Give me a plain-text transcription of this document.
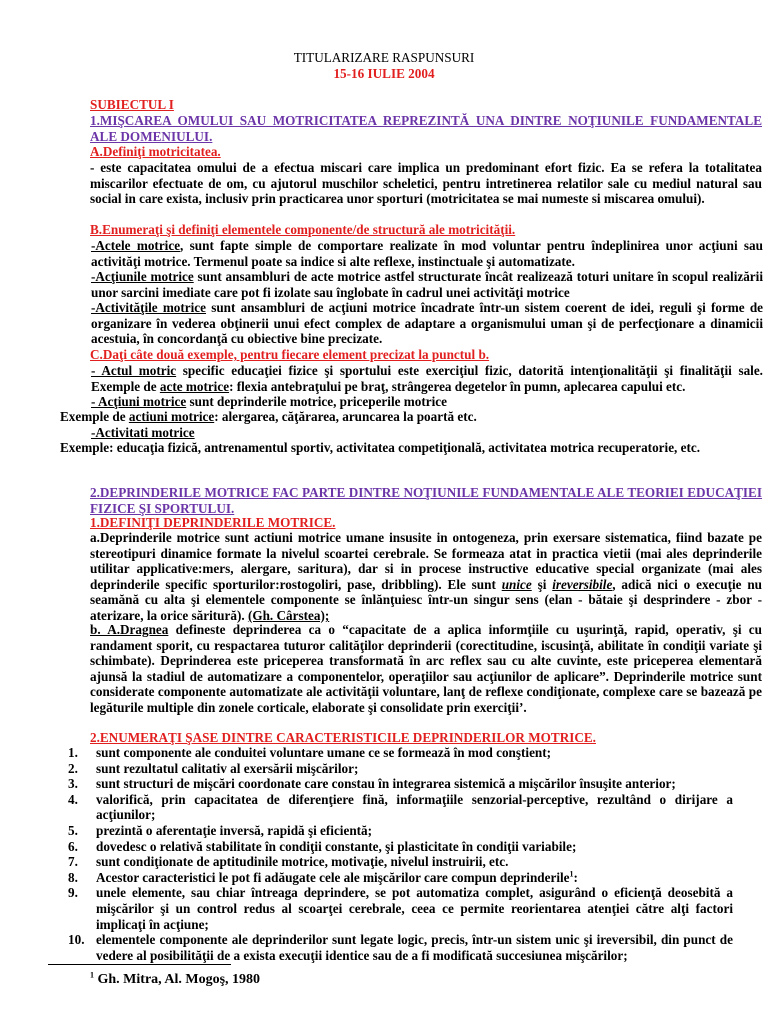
TITULARIZARE RASPUNSURI

15-16 IULIE 2004

SUBIECTUL I

1.MIŞCAREA OMULUI SAU MOTRICITATEA REPREZINTĂ UNA DINTRE NOŢIUNILE FUNDAMENTALE ALE DOMENIULUI.

A.Definiţi motricitatea.

- este capacitatea omului de a efectua miscari care implica un predominant efort fizic. Ea se refera la totalitatea miscarilor efectuate de om, cu ajutorul muschilor scheletici, pentru intretinerea relatilor sale cu mediul natural sau social in care exista, inclusiv prin practicarea unor sporturi (motricitatea se mai numeste si miscarea omului).

B.Enumeraţi şi definiţi elementele componente/de structură ale motricităţii.

-Actele motrice, sunt fapte simple de comportare realizate în mod voluntar pentru îndeplinirea unor acţiuni sau activităţi motrice. Termenul poate sa indice si alte reflexe, instinctuale şi automatizate.

-Acţiunile motrice sunt ansambluri de acte motrice astfel structurate încât realizează toturi unitare în scopul realizării unor sarcini imediate care pot fi izolate sau înglobate în cadrul unei activităţi motrice

-Activităţile motrice sunt ansambluri de acţiuni motrice încadrate într-un sistem coerent de idei, reguli şi forme de organizare în vederea obţinerii unui efect complex de adaptare a organismului uman şi de perfecţionare a dinamicii acestuia, în concordanţă cu obiective bine precizate.

C.Daţi câte două exemple, pentru fiecare element precizat la punctul b.

- Actul motric specific educaţiei fizice şi sportului este exerciţiul fizic, datorită intenţionalităţii şi finalităţii sale. Exemple de acte motrice: flexia antebraţului pe braţ, strângerea degetelor în pumn, aplecarea capului etc.

- Acţiuni motrice sunt deprinderile motrice, priceperile motrice

Exemple de actiuni motrice: alergarea, căţărarea, aruncarea la poartă etc.

-Activitati motrice

Exemple: educaţia fizică, antrenamentul sportiv, activitatea competiţională, activitatea motrica recuperatorie, etc.

2.DEPRINDERILE MOTRICE FAC PARTE DINTRE NOŢIUNILE FUNDAMENTALE ALE TEORIEI EDUCAŢIEI FIZICE ŞI SPORTULUI.

1.DEFINIŢI DEPRINDERILE MOTRICE.

a.Deprinderile motrice sunt actiuni motrice umane insusite in ontogeneza, prin exersare sistematica, fiind bazate pe stereotipuri dinamice formate la nivelul scoartei cerebrale. Se formeaza atat in practica vietii (mai ales deprinderile utilitar applicative:mers, alergare, saritura), dar si in procese instructive educative special organizate (mai ales deprinderile specific sporturilor:rostogoliri, pase, dribbling). Ele sunt unice şi ireversibile, adică nici o execuţie nu seamănă cu alta şi elementele componente se înlănţuiesc într-un singur sens (elan - bătaie şi desprindere - zbor - aterizare, la orice săritură). (Gh. Cârstea);

b. A.Dragnea defineste deprinderea ca o “capacitate de a aplica informţiile cu uşurinţă, rapid, operativ, şi cu randament sporit, cu respactarea tuturor calităţilor deprinderii (corectitudine, iscusinţă, abilitate în condiţii variate şi schimbate). Deprinderea este priceperea transformată în arc reflex sau cu alte cuvinte, este priceperea elementară ajunsă la stadiul de automatizare a componentelor, operaţiilor sau acţiunilor de aplicare”. Deprinderile motrice sunt considerate componente automatizate ale activităţii voluntare, lanţ de reflexe condiţionate, complexe care se bazează pe legăturile multiple din zonele corticale, elaborate şi consolidate prin exerciţii’.

2.ENUMERAŢI ŞASE DINTRE CARACTERISTICILE DEPRINDERILOR MOTRICE.

1.	sunt componente ale conduitei voluntare umane ce se formează în mod conştient;
2.	sunt rezultatul calitativ al exersării mişcărilor;
3.	sunt structuri de mişcări coordonate care constau în integrarea sistemică a mişcărilor însuşite anterior;
4.	valorifică, prin capacitatea de diferenţiere fină, informaţiile senzorial-perceptive, rezultând o dirijare a acţiunilor;
5.	prezintă o aferentaţie inversă, rapidă şi eficientă;
6.	dovedesc o relativă stabilitate în condiţii constante, şi plasticitate în condiţii variabile;
7.	sunt condiţionate de aptitudinile motrice, motivaţie, nivelul instruirii, etc.
8.	Acestor caracteristici le pot fi adăugate cele ale mişcărilor care compun deprinderile$^1$:
9.	unele elemente, sau chiar întreaga deprindere, se pot automatiza complet, asigurând o eficienţă deosebită a mişcărilor şi un control redus al scoarţei cerebrale, ceea ce permite reorientarea atenţiei către alţi factori implicaţi în acţiune;
10. elementele componente ale deprinderilor sunt legate logic, precis, într-un sistem unic şi ireversibil, din punct de vedere al posibilităţii de a exista execuţii identice sau de a fi modificată succesiunea mişcărilor;

$^1$ Gh. Mitra, Al. Mogoş, 1980
